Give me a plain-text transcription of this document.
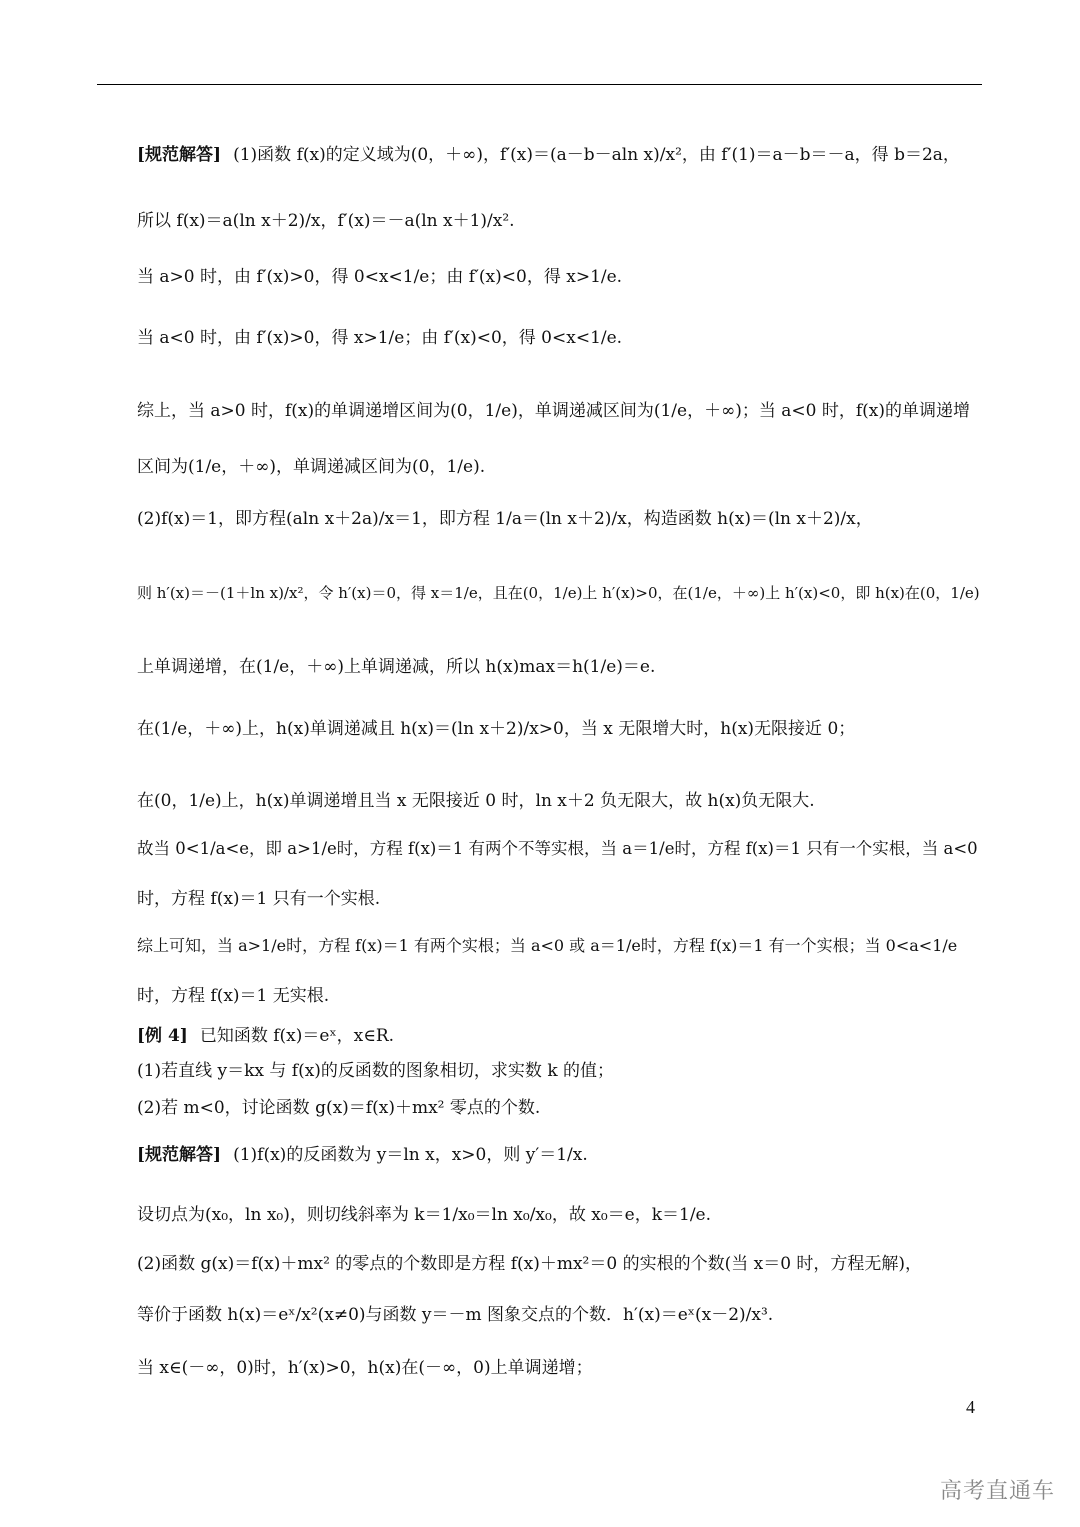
[规范解答] (1)函数 f(x)的定义域为(0，＋∞)，f′(x)＝(a－b－aln x)/x²，由 f′(1)＝a－b＝－a，得 b＝2a，
所以 f(x)＝a(ln x＋2)/x，f′(x)＝－a(ln x＋1)/x².
当 a>0 时，由 f′(x)>0，得 0<x<1/e；由 f′(x)<0，得 x>1/e.
当 a<0 时，由 f′(x)>0，得 x>1/e；由 f′(x)<0，得 0<x<1/e.
综上，当 a>0 时，f(x)的单调递增区间为(0，1/e)，单调递减区间为(1/e，＋∞)；当 a<0 时，f(x)的单调递增
区间为(1/e，＋∞)，单调递减区间为(0，1/e).
(2)f(x)＝1，即方程(aln x＋2a)/x＝1，即方程 1/a＝(ln x＋2)/x，构造函数 h(x)＝(ln x＋2)/x，
则 h′(x)＝－(1＋ln x)/x²，令 h′(x)＝0，得 x＝1/e，且在(0，1/e)上 h′(x)>0，在(1/e，＋∞)上 h′(x)<0，即 h(x)在(0，1/e)
上单调递增，在(1/e，＋∞)上单调递减，所以 h(x)max＝h(1/e)＝e.
在(1/e，＋∞)上，h(x)单调递减且 h(x)＝(ln x＋2)/x>0，当 x 无限增大时，h(x)无限接近 0；
在(0，1/e)上，h(x)单调递增且当 x 无限接近 0 时，ln x＋2 负无限大，故 h(x)负无限大.
故当 0<1/a<e，即 a>1/e时，方程 f(x)＝1 有两个不等实根，当 a＝1/e时，方程 f(x)＝1 只有一个实根，当 a<0
时，方程 f(x)＝1 只有一个实根.
综上可知，当 a>1/e时，方程 f(x)＝1 有两个实根；当 a<0 或 a＝1/e时，方程 f(x)＝1 有一个实根；当 0<a<1/e
时，方程 f(x)＝1 无实根.
[例 4] 已知函数 f(x)＝eˣ，x∈R.
(1)若直线 y＝kx 与 f(x)的反函数的图象相切，求实数 k 的值；
(2)若 m<0，讨论函数 g(x)＝f(x)＋mx² 零点的个数.
[规范解答] (1)f(x)的反函数为 y＝ln x，x>0，则 y′＝1/x.
设切点为(x₀，ln x₀)，则切线斜率为 k＝1/x₀＝ln x₀/x₀，故 x₀＝e，k＝1/e.
(2)函数 g(x)＝f(x)＋mx² 的零点的个数即是方程 f(x)＋mx²＝0 的实根的个数(当 x＝0 时，方程无解)，
等价于函数 h(x)＝eˣ/x²(x≠0)与函数 y＝－m 图象交点的个数．h′(x)＝eˣ(x－2)/x³.
当 x∈(－∞，0)时，h′(x)>0，h(x)在(－∞，0)上单调递增；
4
高考直通车
